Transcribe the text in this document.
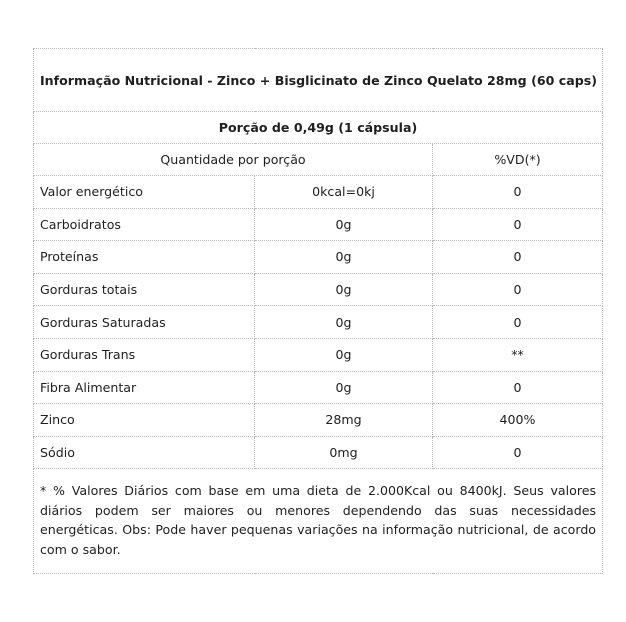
Informação Nutricional - Zinco + Bisglicinato de Zinco Quelato 28mg (60 caps)		
Porção de 0,49g (1 cápsula)		
Quantidade por porção		%VD(*)
Valor energético	0kcal=0kj	0
Carboidratos	0g	0
Proteínas	0g	0
Gorduras totais	0g	0
Gorduras Saturadas	0g	0
Gorduras Trans	0g	**
Fibra Alimentar	0g	0
Zinco	28mg	400%
Sódio	0mg	0
* % Valores Diários com base em uma dieta de 2.000Kcal ou 8400kJ. Seus valores diários podem ser maiores ou menores dependendo das suas necessidades energéticas. Obs: Pode haver pequenas variações na informação nutricional, de acordo com o sabor.		
